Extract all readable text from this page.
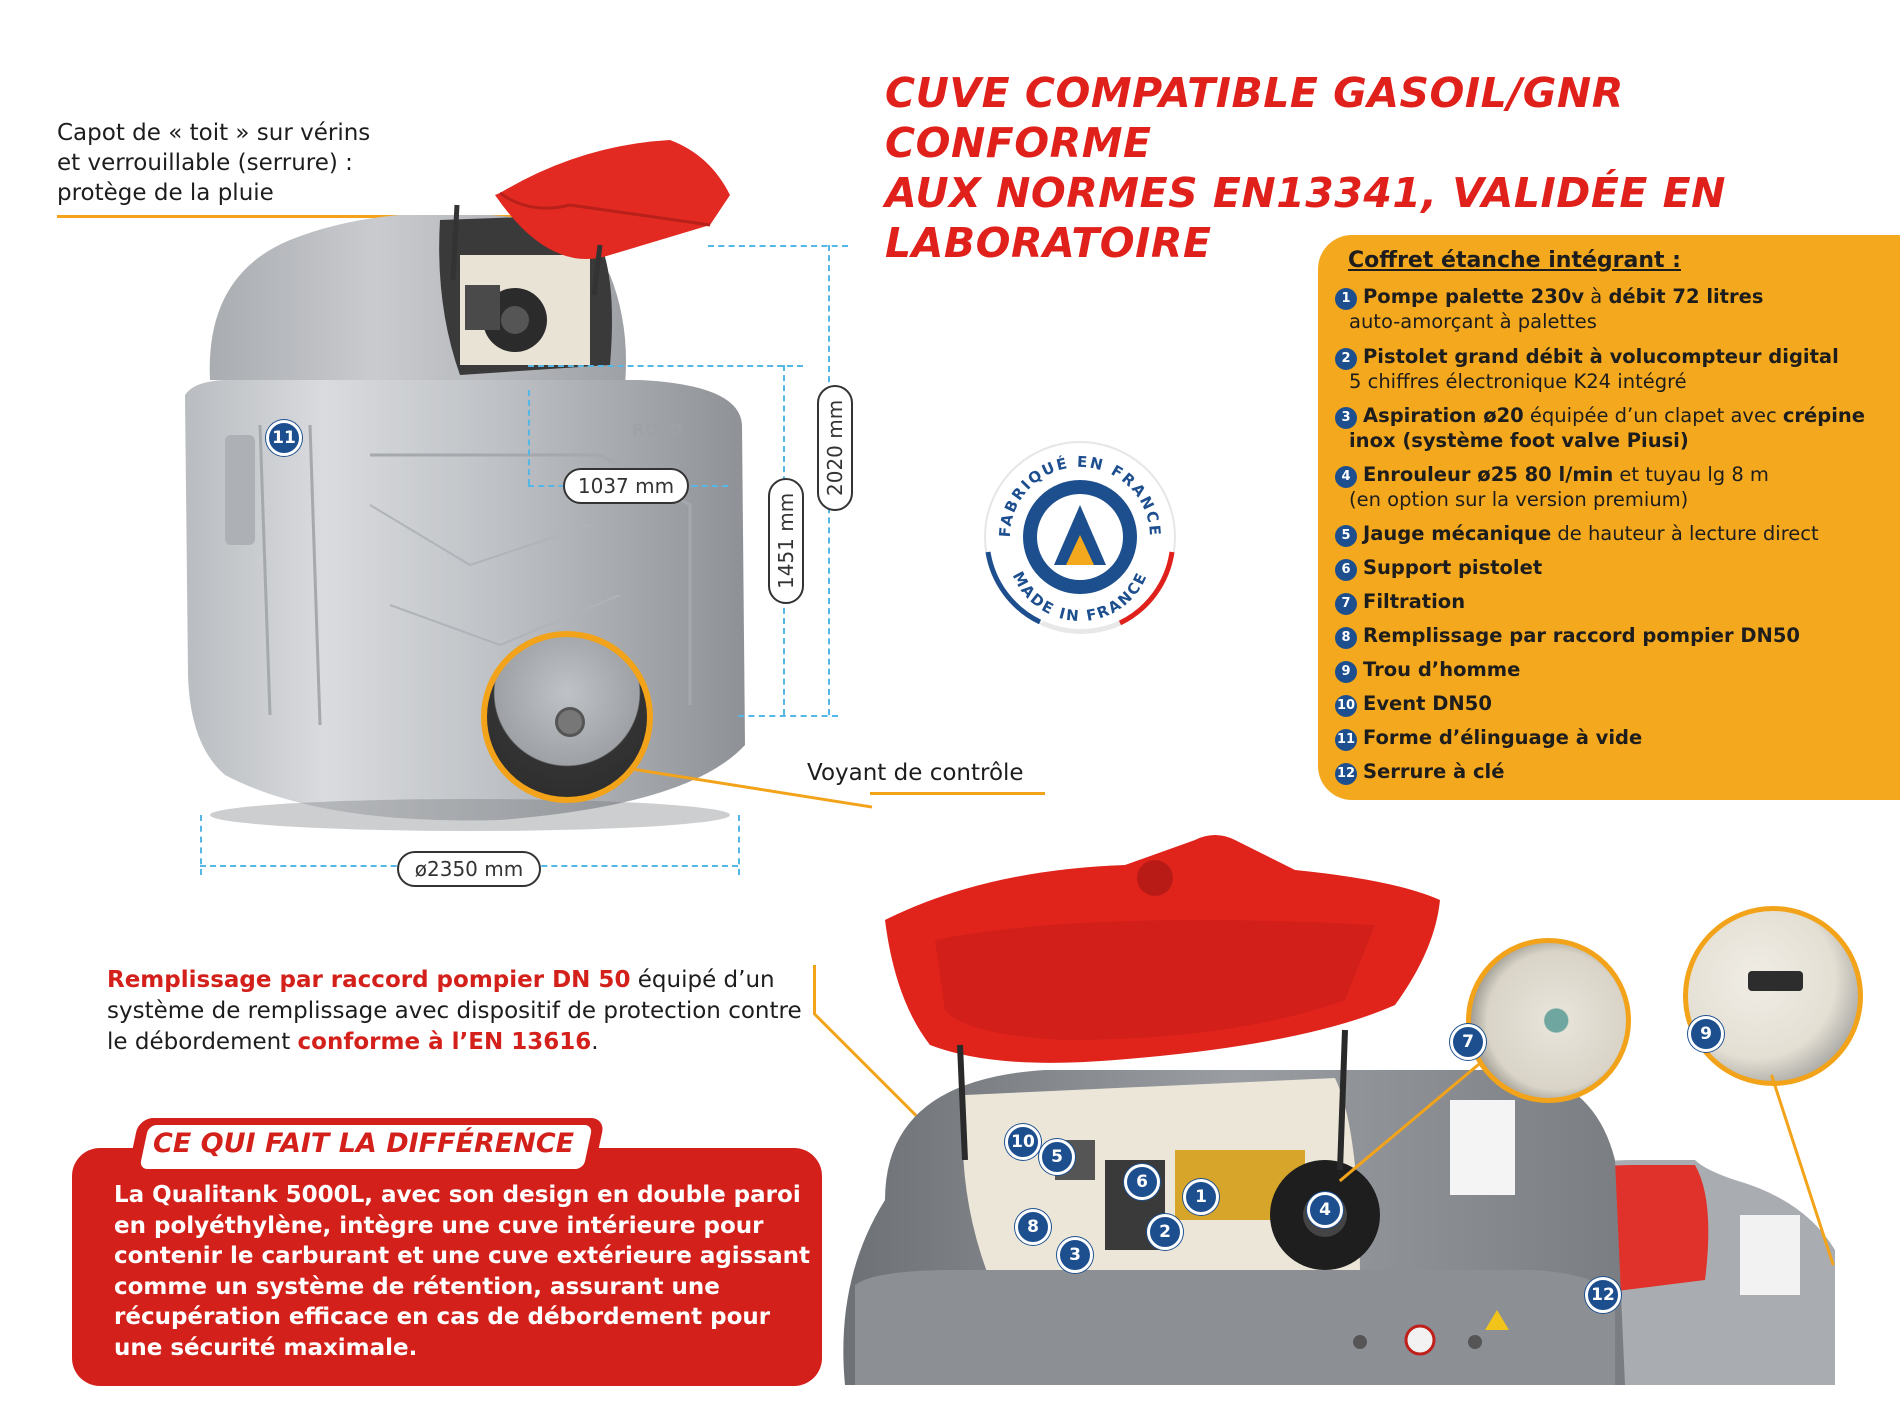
CUVE COMPATIBLE GASOIL/GNR CONFORME
AUX NORMES EN13341, VALIDÉE EN LABORATOIRE
Capot de « toit » sur vérins
et verrouillable (serrure) :
protège de la pluie
ROTO
Voyant de contrôle
1037 mm
1451 mm
2020 mm
ø2350 mm
11
FABRIQUÉ EN FRANCE
MADE IN FRANCE
Coffret étanche intégrant :
1 Pompe palette 230v à débit 72 litres
auto-amorçant à palettes
2 Pistolet grand débit à volucompteur digital
5 chiffres électronique K24 intégré
3 Aspiration ø20 équipée d’un clapet avec crépine
inox (système foot valve Piusi)
4 Enrouleur ø25 80 l/min et tuyau lg 8 m
(en option sur la version premium)
5 Jauge mécanique de hauteur à lecture direct
6 Support pistolet
7 Filtration
8 Remplissage par raccord pompier DN50
9 Trou d’homme
10 Event DN50
11 Forme d’élinguage à vide
12 Serrure à clé
Remplissage par raccord pompier DN 50 équipé d’un système de remplissage avec dispositif de protection contre le débordement conforme à l’EN 13616.
CE QUI FAIT LA DIFFÉRENCE
La Qualitank 5000L, avec son design en double paroi en polyéthylène, intègre une cuve intérieure pour contenir le carburant et une cuve extérieure agissant comme un système de rétention, assurant une récupération efficace en cas de débordement pour une sécurité maximale.
1
2
3
4
5
6
7
8
9
10
12
